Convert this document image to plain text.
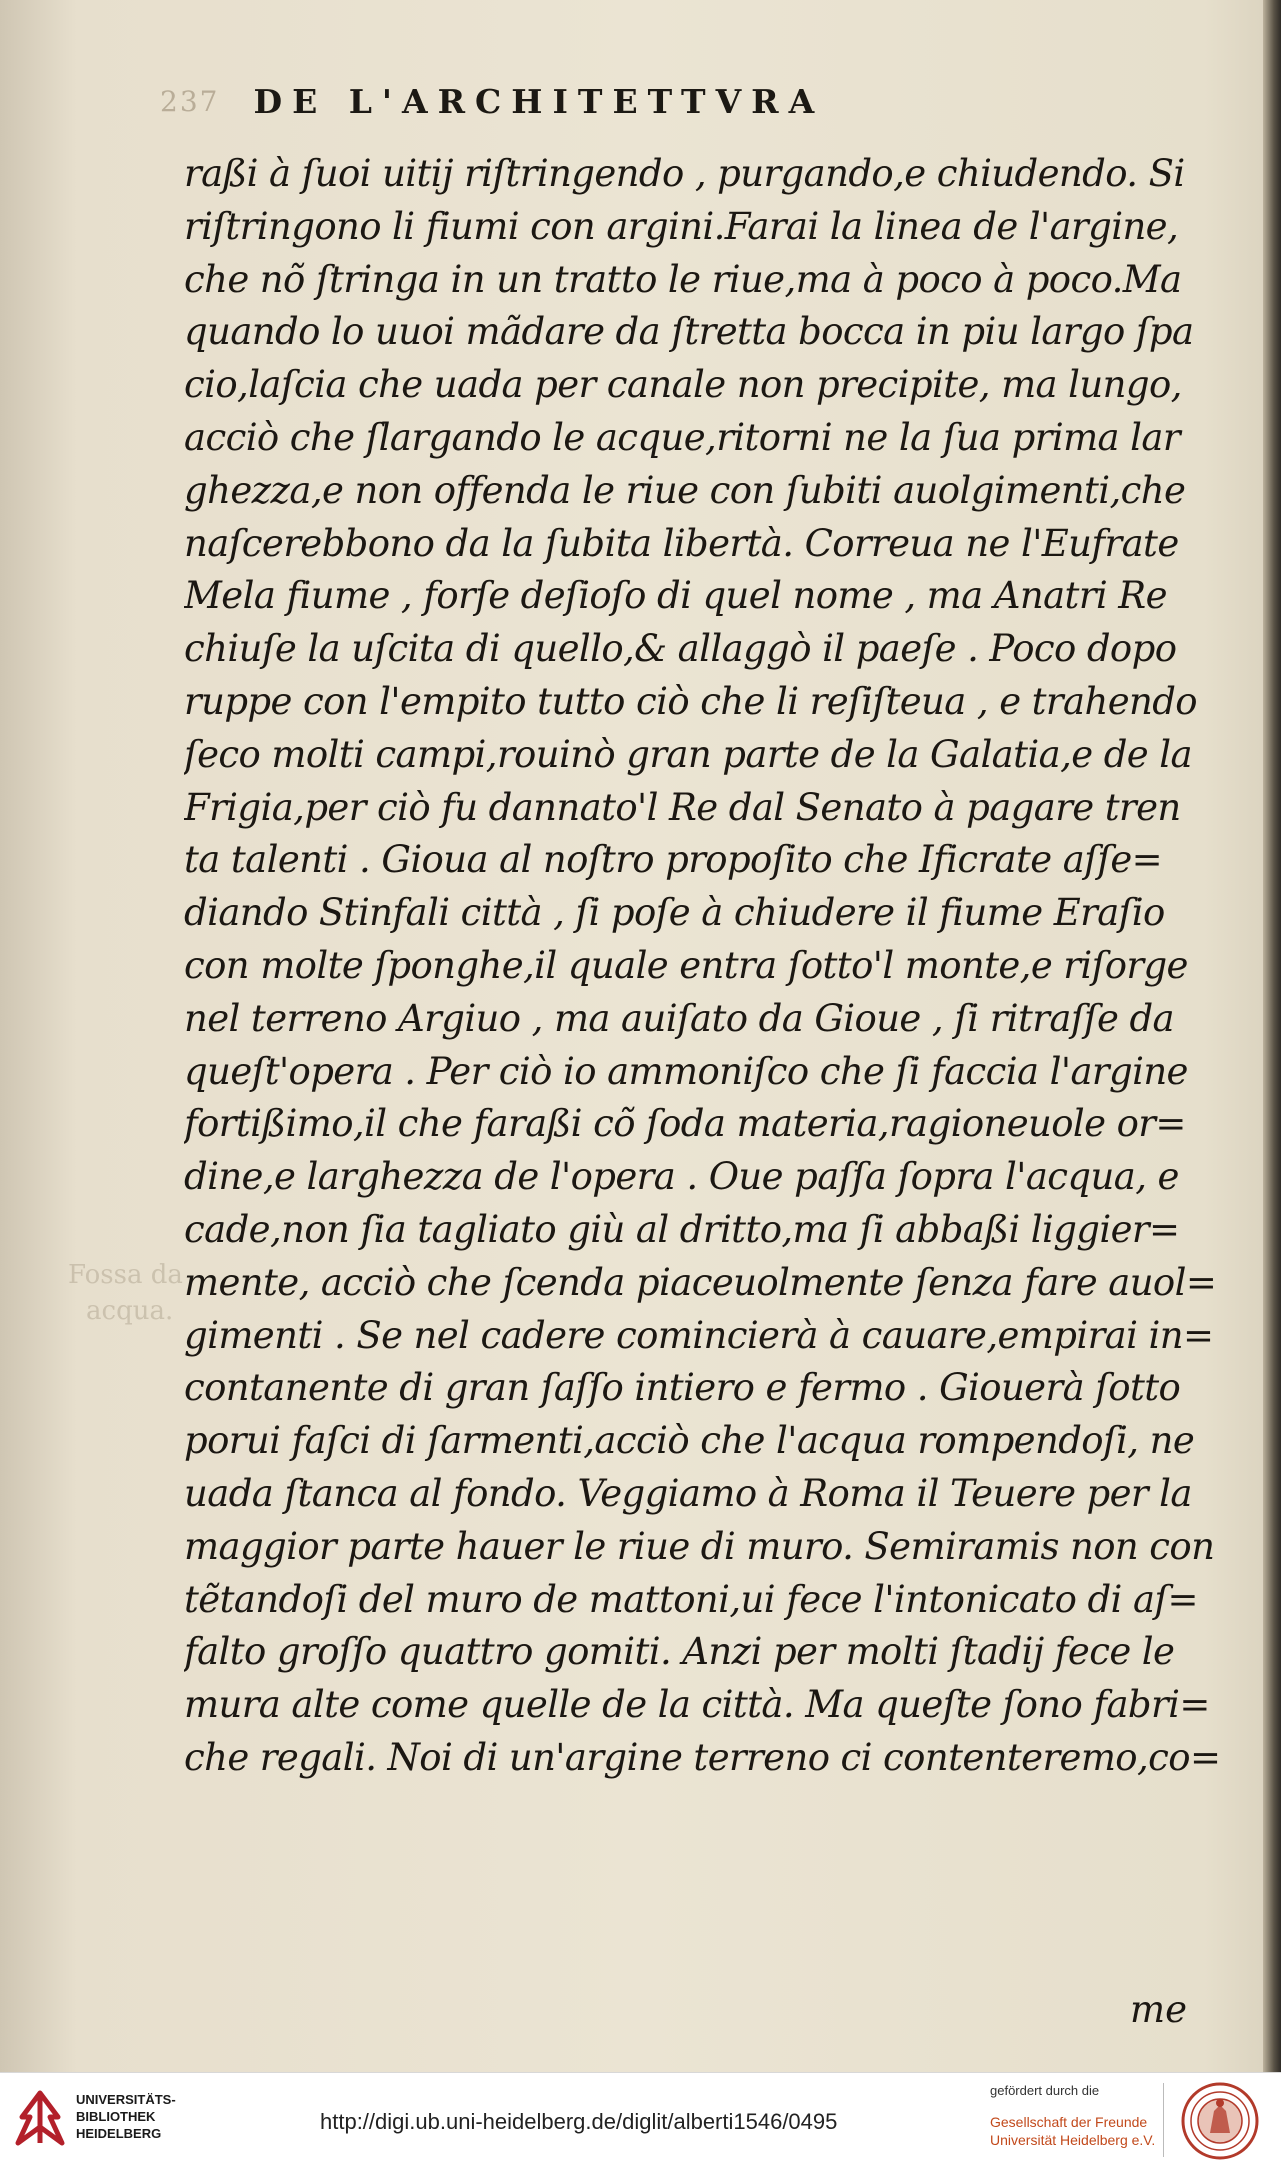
237 DE L'ARCHITETTVRA
raßi à ſuoi uitij riſtringendo , purgando,e chiudendo. Si
riſtringono li fiumi con argini.Farai la linea de l'argine,
che nõ ſtringa in un tratto le riue,ma à poco à poco.Ma
quando lo uuoi mãdare da ſtretta bocca in piu largo ſpa
cio,laſcia che uada per canale non precipite, ma lungo,
acciò che ſlargando le acque,ritorni ne la ſua prima lar
ghezza,e non offenda le riue con ſubiti auolgimenti,che
naſcerebbono da la ſubita libertà. Correua ne l'Eufrate
Mela fiume , forſe deſioſo di quel nome , ma Anatri Re
chiuſe la uſcita di quello,& allaggò il paeſe . Poco dopo
ruppe con l'empito tutto ciò che li reſiſteua , e trahendo
ſeco molti campi,rouinò gran parte de la Galatia,e de la
Frigia,per ciò fu dannato'l Re dal Senato à pagare tren
ta talenti . Gioua al noſtro propoſito che Ificrate aſſe=
diando Stinfali città , ſi poſe à chiudere il fiume Eraſio
con molte ſponghe,il quale entra ſotto'l monte,e riſorge
nel terreno Argiuo , ma auiſato da Gioue , ſi ritraſſe da
queſt'opera . Per ciò io ammoniſco che ſi faccia l'argine
fortißimo,il che faraßi cõ ſoda materia,ragioneuole or=
dine,e larghezza de l'opera . Oue paſſa ſopra l'acqua, e
cade,non ſia tagliato giù al dritto,ma ſi abbaßi liggier=
mente, acciò che ſcenda piaceuolmente ſenza fare auol=
gimenti . Se nel cadere comincierà à cauare,empirai in=
contanente di gran ſaſſo intiero e fermo . Giouerà ſotto
porui faſci di ſarmenti,acciò che l'acqua rompendoſi, ne
uada ſtanca al fondo. Veggiamo à Roma il Teuere per la
maggior parte hauer le riue di muro. Semiramis non con
tẽtandoſi del muro de mattoni,ui fece l'intonicato di aſ=
falto groſſo quattro gomiti. Anzi per molti ſtadij fece le
mura alte come quelle de la città. Ma queſte ſono fabri=
che regali. Noi di un'argine terreno ci contenteremo,co=
me
Fossa da
acqua.
UNIVERSITÄTS-
BIBLIOTHEK
HEIDELBERG	http://digi.ub.uni-heidelberg.de/diglit/alberti1546/0495
gefördert durch die
Gesellschaft der Freunde
Universität Heidelberg e.V.
